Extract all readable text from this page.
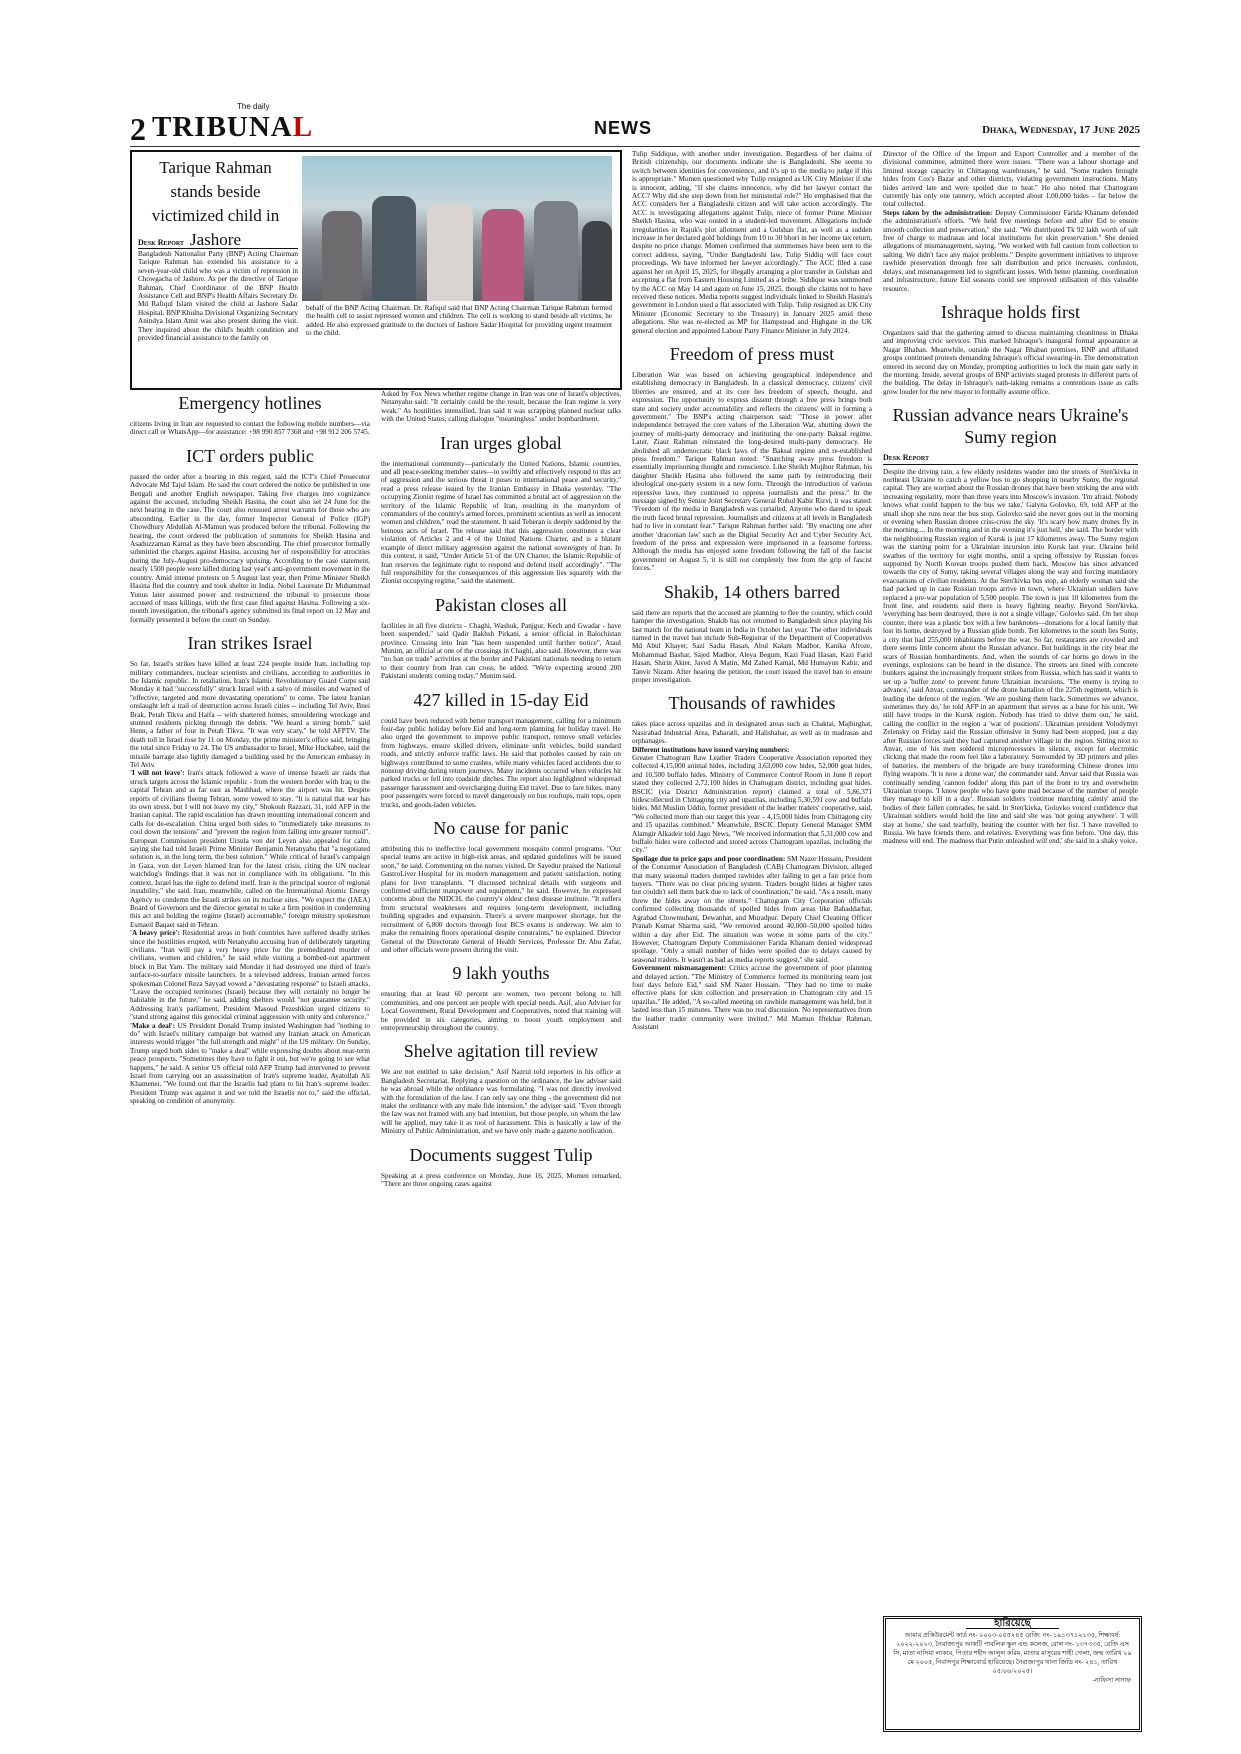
2
The daily
TRIBUNAL	NEWS	Dhaka, Wednesday, 17 June 2025
Tarique Rahman stands beside victimized child in Jashore
Desk Report
Bangladesh Nationalist Party (BNP) Acting Chairman Tarique Rahman has extended his assistance to a seven-year-old child who was a victim of repression in Chowgacha of Jashore. As per the directive of Tarique Rahman, Chief Coordinator of the BNP Health Assistance Cell and BNP's Health Affairs Secretary Dr. Md Rafiqul Islam visited the child at Jashore Sadar Hospital. BNP Khulna Divisional Organizing Secretary Anindya Islam Amit was also present during the visit. They inquired about the child's health condition and provided financial assistance to the family on
behalf of the BNP Acting Chairman. Dr. Rafiqul said that BNP Acting Chairman Tarique Rahman formed the health cell to assist repressed women and children. The cell is working to stand beside all victims, he added. He also expressed gratitude to the doctors of Jashore Sadar Hospital for providing urgent treatment to the child.
Emergency hotlines

citizens living in Iran are requested to contact the following mobile numbers—via direct call or WhatsApp—for assistance: +98 990 857 7368 and +98 912 206 5745.

ICT orders public

passed the order after a hearing in this regard, said the ICT's Chief Prosecutor Advocate Md Tajul Islam. He said the court ordered the notice be published in one Bengali and another English newspaper. Taking five charges into cognizance against the accused, including Sheikh Hasina, the court also set 24 June for the next hearing in the case. The court also reissued arrest warrants for those who are absconding. Earlier in the day, former Inspector General of Police (IGP) Chowdhury Abdullah Al-Mamun was produced before the tribunal. Following the hearing, the court ordered the publication of summons for Sheikh Hasina and Asaduzzaman Kamal as they have been absconding. The chief prosecutor formally submitted the charges against Hasina, accusing her of responsibility for atrocities during the July-August pro-democracy uprising. According to the case statement, nearly 1500 people were killed during last year's anti-government movement in the country. Amid intense protests on 5 August last year, then Prime Minister Sheikh Hasina fled the country and took shelter in India. Nobel Laureate Dr Muhammad Yunus later assumed power and restructured the tribunal to prosecute those accused of mass killings, with the first case filed against Hasina. Following a six-month investigation, the tribunal's agency submitted its final report on 12 May and formally presented it before the court on Sunday.

Iran strikes Israel

So far, Israel's strikes have killed at least 224 people inside Iran, including top military commanders, nuclear scientists and civilians, according to authorities in the Islamic republic. In retaliation, Iran's Islamic Revolutionary Guard Corps said Monday it had "successfully" struck Israel with a salvo of missiles and warned of "effective, targeted and more devastating operations" to come. The latest Iranian onslaught left a trail of destruction across Israeli cities -- including Tel Aviv, Bnei Brak, Petah Tikva and Haifa -- with shattered homes, smouldering wreckage and stunned residents picking through the debris. "We heard a strong bomb," said Henn, a father of four in Petah Tikva. "It was very scary," he told AFPTV. The death toll in Israel rose by 11 on Monday, the prime minister's office said, bringing the total since Friday to 24. The US ambassador to Israel, Mike Huckabee, said the missile barrage also lightly damaged a building used by the American embassy in Tel Aviv.

'I will not leave': Iran's attack followed a wave of intense Israeli air raids that struck targets across the Islamic republic - from the western border with Iraq to the capital Tehran and as far east as Mashhad, where the airport was hit. Despite reports of civilians fleeing Tehran, some vowed to stay. "It is natural that war has its own stress, but I will not leave my city," Shokouh Razzazi, 31, told AFP in the Iranian capital. The rapid escalation has drawn mounting international concern and calls for de-escalation. China urged both sides to "immediately take measures to cool down the tensions" and "prevent the region from falling into greater turmoil". European Commission president Ursula von der Leyen also appealed for calm, saying she had told Israeli Prime Minister Benjamin Netanyahu that "a negotiated solution is, in the long term, the best solution." While critical of Israel's campaign in Gaza, von der Leyen blamed Iran for the latest crisis, citing the UN nuclear watchdog's findings that it was not in compliance with its obligations. "In this context, Israel has the right to defend itself. Iran is the principal source of regional instability," she said. Iran, meanwhile, called on the International Atomic Energy Agency to condemn the Israeli strikes on its nuclear sites. "We expect the (IAEA) Board of Governors and the director general to take a firm position in condemning this act and holding the regime (Israel) accountable," foreign ministry spokesman Esmaeil Baqaei said in Tehran.

'A heavy price': Residential areas in both countries have suffered deadly strikes since the hostilities erupted, with Netanyahu accusing Iran of deliberately targeting civilians. "Iran will pay a very heavy price for the premeditated murder of civilians, women and children," he said while visiting a bombed-out apartment block in Bat Yam. The military said Monday it had destroyed one third of Iran's surface-to-surface missile launchers. In a televised address, Iranian armed forces spokesman Colonel Reza Sayyad vowed a "devastating response" to Israeli attacks. "Leave the occupied territories (Israel) because they will certainly no longer be habitable in the future," he said, adding shelters would "not guarantee security." Addressing Iran's parliament, President Masoud Pezeshkian urged citizens to "stand strong against this genocidal criminal aggression with unity and coherence."

'Make a deal': US President Donald Trump insisted Washington had "nothing to do" with Israel's military campaign but warned any Iranian attack on American interests would trigger "the full strength and might" of the US military. On Sunday, Trump urged both sides to "make a deal" while expressing doubts about near-term peace prospects. "Sometimes they have to fight it out, but we're going to see what happens," he said. A senior US official told AFP Trump had intervened to prevent Israel from carrying out an assassination of Iran's supreme leader, Ayatollah Ali Khamenei. "We found out that the Israelis had plans to hit Iran's supreme leader. President Trump was against it and we told the Israelis not to," said the official, speaking on condition of anonymity.

Asked by Fox News whether regime change in Iran was one of Israel's objectives, Netanyahu said: "It certainly could be the result, because the Iran regime is very weak." As hostilities intensified, Iran said it was scrapping planned nuclear talks with the United States, calling dialogue "meaningless" under bombardment.

Iran urges global

the international community—particularly the United Nations, Islamic countries, and all peace-seeking member states—to swiftly and effectively respond to this act of aggression and the serious threat it poses to international peace and security," read a press release issued by the Iranian Embassy in Dhaka yesterday. "The occupying Zionist regime of Israel has committed a brutal act of aggression on the territory of the Islamic Republic of Iran, resulting in the martyrdom of commanders of the country's armed forces, prominent scientists as well as innocent women and children," read the statement. It said Teheran is deeply saddened by the heinous acts of Israel. The release said that this aggression constitutes a clear violation of Articles 2 and 4 of the United Nations Charter, and is a blatant example of direct military aggression against the national sovereignty of Iran. In this context, it said, "Under Article 51 of the UN Charter, the Islamic Republic of Iran reserves the legitimate right to respond and defend itself accordingly". "The full responsibility for the consequences of this aggression lies squarely with the Zionist occupying regime," said the statement.

Pakistan closes all

facilities in all five districts - Chaghi, Washuk, Panjgur, Kech and Gwadar - have been suspended," said Qadir Bakhsh Pirkani, a senior official in Balochistan province. Crossing into Iran "has been suspended until further notice", Ataul Munim, an official at one of the crossings in Chaghi, also said. However, there was "no ban on trade" activities at the border and Pakistani nationals needing to return to their country from Iran can cross, he added. "We're expecting around 200 Pakistani students coming today," Munim said.

427 killed in 15-day Eid

could have been reduced with better transport management, calling for a minimum four-day public holiday before Eid and long-term planning for holiday travel. He also urged the government to improve public transport, remove small vehicles from highways, ensure skilled drivers, eliminate unfit vehicles, build standard roads, and strictly enforce traffic laws. He said that potholes caused by rain on highways contributed to some crashes, while many vehicles faced accidents due to nonstop driving during return journeys. Many incidents occurred when vehicles hit parked trucks or fell into roadside ditches. The report also highlighted widespread passenger harassment and overcharging during Eid travel. Due to fare hikes, many poor passengers were forced to travel dangerously on bus rooftops, train tops, open trucks, and goods-laden vehicles.

No cause for panic

attributing this to ineffective local government mosquito control programs. "Our special teams are active in high-risk areas, and updated guidelines will be issued soon," he said. Commenting on the nurses visited, Dr Sayedur praised the National GastroLiver Hospital for its modern management and patient satisfaction, noting plans for liver transplants. "I discussed technical details with surgeons and confirmed sufficient manpower and equipment," he said. However, he expressed concerns about the NIDCH, the country's oldest chest disease institute. "It suffers from structural weaknesses and requires long-term development, including building upgrades and expansion. There's a severe manpower shortage, but the recruitment of 6,800 doctors through four BCS exams is underway. We aim to make the remaining floors operational despite constraints," he explained. Director General of the Directorate General of Health Services, Professor Dr. Abu Zafar, and other officials were present during the visit.

9 lakh youths

ensuring that at least 60 percent are women, two percent belong to hill communities, and one percent are people with special needs. Asif, also Adviser for Local Government, Rural Development and Cooperatives, noted that training will be provided in six categories, aiming to boost youth employment and entrepreneurship throughout the country.

Shelve agitation till review

We are not entitled to take decision," Asif Nazrul told reporters in his office at Bangladesh Secretariat. Replying a question on the ordinance, the law adviser said he was abroad while the ordinance was formulating. "I was not directly involved with the formulation of the law. I can only say one thing - the government did not make the ordinance with any male fide intension," the adviser said. "Even through the law was not framed with any bad intention, but those people, on whom the law will be applied, may take it as tool of harassment. This is basically a law of the Ministry of Public Administration, and we have only made a gazette notification.

Documents suggest Tulip

Speaking at a press conference on Monday, June 16, 2025, Momen remarked, "There are three ongoing cases against

Tulip Siddique, with another under investigation. Regardless of her claims of British citizenship, our documents indicate she is Bangladeshi. She seems to switch between identities for convenience, and it's up to the media to judge if this is appropriate." Momen questioned why Tulip resigned as UK City Minister if she is innocent, adding, "If she claims innocence, why did her lawyer contact the ACC? Why did she step down from her ministerial role?" He emphasised that the ACC considers her a Bangladeshi citizen and will take action accordingly. The ACC is investigating allegations against Tulip, niece of former Prime Minister Sheikh Hasina, who was ousted in a student-led movement. Allegations include irregularities in Rajuk's plot allotment and a Gulshan flat, as well as a sudden increase in her declared gold holdings from 10 to 30 bhori in her income tax return, despite no price change. Momen confirmed that summonses have been sent to the correct address, saying, "Under Bangladeshi law, Tulip Siddiq will face court proceedings. We have informed her lawyer accordingly." The ACC filed a case against her on April 15, 2025, for illegally arranging a plot transfer in Gulshan and accepting a flat from Eastern Housing Limited as a bribe. Siddique was summoned by the ACC on May 14 and again on June 15, 2025, though she claims not to have received these notices. Media reports suggest individuals linked to Sheikh Hasina's government in London used a flat associated with Tulip. Tulip resigned as UK City Minister (Economic Secretary to the Treasury) in January 2025 amid these allegations. She was re-elected as MP for Hampstead and Highgate in the UK general election and appointed Labour Party Finance Minister in July 2024.

Freedom of press must

Liberation War was based on achieving geographical independence and establishing democracy in Bangladesh. In a classical democracy, citizens' civil liberties are ensured, and at its core lies freedom of speech, thought, and expression. The opportunity to express dissent through a free press brings both state and society under accountability and reflects the citizens' will in forming a government." The BNP's acting chairperson said: "Those in power after independence betrayed the core values of the Liberation War, shutting down the journey of multi-party democracy and instituting the one-party Baksal regime. Later, Ziaur Rahman reinstated the long-desired multi-party democracy. He abolished all undemocratic black laws of the Baksal regime and re-established press freedom." Tarique Rahman noted: "Snatching away press freedom is essentially imprisoning thought and conscience. Like Sheikh Mujibur Rahman, his daughter Sheikh Hasina also followed the same path by reintroducing their ideological one-party system in a new form. Through the introduction of various repressive laws, they continued to oppress journalists and the press." In the message signed by Senior Joint Secretary General Ruhul Kabir Rizvi, it was stated: "Freedom of the media in Bangladesh was curtailed. Anyone who dared to speak the truth faced brutal repression. Journalists and citizens at all levels in Bangladesh had to live in constant fear." Tarique Rahman further said: "By enacting one after another 'draconian law' such as the Digital Security Act and Cyber Security Act, freedom of the press and expression were imprisoned in a fearsome fortress. Although the media has enjoyed some freedom following the fall of the fascist government on August 5, it is still not completely free from the grip of fascist forces."

Shakib, 14 others barred

said there are reports that the accused are planning to flee the country, which could hamper the investigation. Shakib has not returned to Bangladesh since playing his last match for the national team in India in October last year. The other individuals named in the travel ban include Sub-Registrar of the Department of Cooperatives Md Abul Khayer, Sazi Sadia Hasan, Abul Kalam Madbor, Kanika Afroze, Mohammad Bashar, Sajed Madbor, Aleya Begum, Kazi Fuad Hasan, Kazi Farid Hasan, Shirin Akter, Javed A Matin, Md Zahed Kamal, Md Humayun Kabir, and Tanvir Nizam. After hearing the petition, the court issued the travel ban to ensure proper investigation.

Thousands of rawhides

takes place across upazilas and in designated areas such as Chaktai, Majhirghat, Nasirabad Industrial Area, Paharatli, and Halishahar, as well as in madrasas and orphanages.

Different institutions have issued varying numbers:

Greater Chattogram Raw Leather Traders Cooperative Association reported they collected 4,15,000 animal hides, including 3,63,000 cow hides, 52,000 goat hides, and 10,500 buffalo hides. Ministry of Commerce Control Room in June 8 report stated they collected 2,72,100 hides in Chattogram district, including goat hides. BSCIC (via District Administration report) claimed a total of 5,86,371 hidescollected in Chittagong city and upazilas, including 5,30,591 cow and buffalo hides. Md Muslim Uddin, former president of the leather traders' cooperative, said, "We collected more than our target this year – 4,15,000 hides from Chittagong city and 15 upazilas combined." Meanwhile, BSCIC Deputy General Manager SMM Alamgir Alkadeir told Jago News, "We received information that 5,31,000 cow and buffalo hides were collected and stored across Chattogram upazilas, including the city."

Spoilage due to price gaps and poor coordination: SM Nazer Hossain, President of the Consumer Association of Bangladesh (CAB) Chattogram Division, alleged that many seasonal traders dumped rawhides after failing to get a fair price from buyers. "There was no clear pricing system. Traders bought hides at higher rates but couldn't sell them back due to lack of coordination," he said. "As a result, many threw the hides away on the streets." Chattogram City Corporation officials confirmed collecting thousands of spoiled hides from areas like Bahaddarhat, Agrabad Chowmuhani, Dewanhat, and Muradpur. Deputy Chief Cleaning Officer Pranab Kumar Sharma said, "We removed around 40,000–50,000 spoiled hides within a day after Eid. The situation was worse in some parts of the city." However, Chattogram Deputy Commissioner Farida Khanam denied widespread spoilage. "Only a small number of hides were spoiled due to delays caused by seasonal traders. It wasn't as bad as media reports suggest," she said.

Government mismanagement: Critics accuse the government of poor planning and delayed action. "The Ministry of Commerce formed its monitoring team just four days before Eid," said SM Nazer Hossain. "They had no time to make effective plans for skin collection and preservation in Chattogram city and 15 upazilas." He added, "A so-called meeting on rawhide management was held, but it lasted less than 15 minutes. There was no real discussion. No representatives from the leather trader community were invited." Md Mamun Iftekhar Rahman, Assistant

Director of the Office of the Import and Export Controller and a member of the divisional committee, admitted there were issues. "There was a labour shortage and limited storage capacity in Chittagong warehouses," he said. "Some traders brought hides from Cox's Bazar and other districts, violating government instructions. Many hides arrived late and were spoiled due to heat." He also noted that Chattogram currently has only one tannery, which accepted about 1,00,000 hides – far below the total collected.

Steps taken by the administration: Deputy Commissioner Farida Khanam defended the administration's efforts. "We held five meetings before and after Eid to ensure smooth collection and preservation," she said. "We distributed Tk 92 lakh worth of salt free of charge to madrasas and local institutions for skin preservation." She denied allegations of mismanagement, saying, "We worked with full caution from collection to salting. We didn't face any major problems." Despite government initiatives to improve rawhide preservation through free salt distribution and price increases, confusion, delays, and mismanagement led to significant losses. With better planning, coordination and infrastructure, future Eid seasons could see improved utilisation of this valuable resource.

Ishraque holds first

Organizers said that the gathering aimed to discuss maintaining cleanliness in Dhaka and improving civic services. This marked Ishraque's inaugural formal appearance at Nagar Bhaban. Meanwhile, outside the Nagar Bhaban premises, BNP and affiliated groups continued protests demanding Ishraque's official swearing-in. The demonstration entered its second day on Monday, prompting authorities to lock the main gate early in the morning. Inside, several groups of BNP activists staged protests in different parts of the building. The delay in Ishraque's oath-taking remains a contentious issue as calls grow louder for the new mayor to formally assume office.

Russian advance nears Ukraine's Sumy region
Desk Report

Despite the driving rain, a few elderly residents wander into the streets of Sten'kivka in northeast Ukraine to catch a yellow bus to go shopping in nearby Sumy, the regional capital. They are worried about the Russian drones that have been striking the area with increasing regularity, more than three years into Moscow's invasion. 'I'm afraid. Nobody knows what could happen to the bus we take,' Galyna Golovko, 69, told AFP at the small shop she runs near the bus stop. Golovko said she never goes out in the morning or evening when Russian drones criss-cross the sky. 'It's scary how many drones fly in the morning.... In the morning and in the evening it's just hell,' she said. The border with the neighbouring Russian region of Kursk is just 17 kilometres away. The Sumy region was the starting point for a Ukrainian incursion into Kursk last year. Ukraine held swathes of the territory for eight months, until a spring offensive by Russian forces supported by North Korean troops pushed them back. Moscow has since advanced towards the city of Sumy, taking several villages along the way and forcing mandatory evacuations of civilian residents. At the Sten'kivka bus stop, an elderly woman said she had packed up in case Russian troops arrive in town, where Ukrainian soldiers have replaced a pre-war population of 5,500 people. The town is just 10 kilometres from the front line, and residents said there is heavy fighting nearby. Beyond Sten'kivka, 'everything has been destroyed, there is not a single village,' Golovko said. On her shop counter, there was a plastic box with a few banknotes—donations for a local family that lost its home, destroyed by a Russian glide bomb. Ten kilometres to the south lies Sumy, a city that had 255,000 inhabitants before the war. So far, restaurants are crowded and there seems little concern about the Russian advance. But buildings in the city bear the scars of Russian bombardments. And, when the sounds of car horns go down in the evenings, explosions can be heard in the distance. The streets are lined with concrete bunkers against the increasingly frequent strikes from Russia, which has said it wants to set up a 'buffer zone' to prevent future Ukrainian incursions. 'The enemy is trying to advance,' said Anvar, commander of the drone battalion of the 225th regiment, which is leading the defence of the region. 'We are pushing them back. Sometimes we advance, sometimes they do,' he told AFP in an apartment that serves as a base for his unit. 'We still have troops in the Kursk region. Nobody has tried to drive them out,' he said, calling the conflict in the region a 'war of positions'. Ukrainian president Volodymyr Zelensky on Friday said the Russian offensive in Sumy had been stopped, just a day after Russian forces said they had captured another village in the region. Sitting next to Anvar, one of his men soldered microprocessors in silence, except for electronic clicking that made the room feel like a laboratory. Surrounded by 3D printers and piles of batteries, the members of the brigade are busy transforming Chinese drones into flying weapons. 'It is now a drone war,' the commander said. Anvar said that Russia was continually sending 'cannon fodder' along this part of the front to try and overwhelm Ukrainian troops. 'I know people who have gone mad because of the number of people they manage to kill in a day'. Russian soldiers 'continue marching calmly' amid the bodies of their fallen comrades, he said. In Sten'kivka, Golovko voiced confidence that Ukrainian soldiers would hold the line and said she was 'not going anywhere'. 'I will stay at home,' she said tearfully, beating the counter with her fist. 'I have travelled to Russia. We have friends there, and relatives. Everything was fine before. 'One day, this madness will end. The madness that Putin unleashed will end,' she said in a shaky voice.

হারিয়েছে
আমার প্রকিউরমেন্ট কার্ড নং- ০০০৩-০৫৫২৪৫ রেজি: নং- ১৯১৩৭১২১৩৫, শিক্ষাবর্ষ: ২০২২-২০২৩, নৈরাজ্যপুর আকটি পাবলিক স্কুল এন্ড কলেজ, রোল নং- ১৩৭৩৩৫, রেজি এস সি, মাতা নাসিমা লাকার, পিতার শহীদ আলুল করিম, মাতার মাসুরের শাহী দোলা, জন্ম তারিখ ২৯ মে ২০০৫, নিবাসপুর শিক্ষাবোর্ড হারিয়েছে। নৈরাজ্যপুর থানা জিডি নং- ২৪১, তারিখ ০৫/০৬/২০২৫।
-নাফিসা সাদাফ
